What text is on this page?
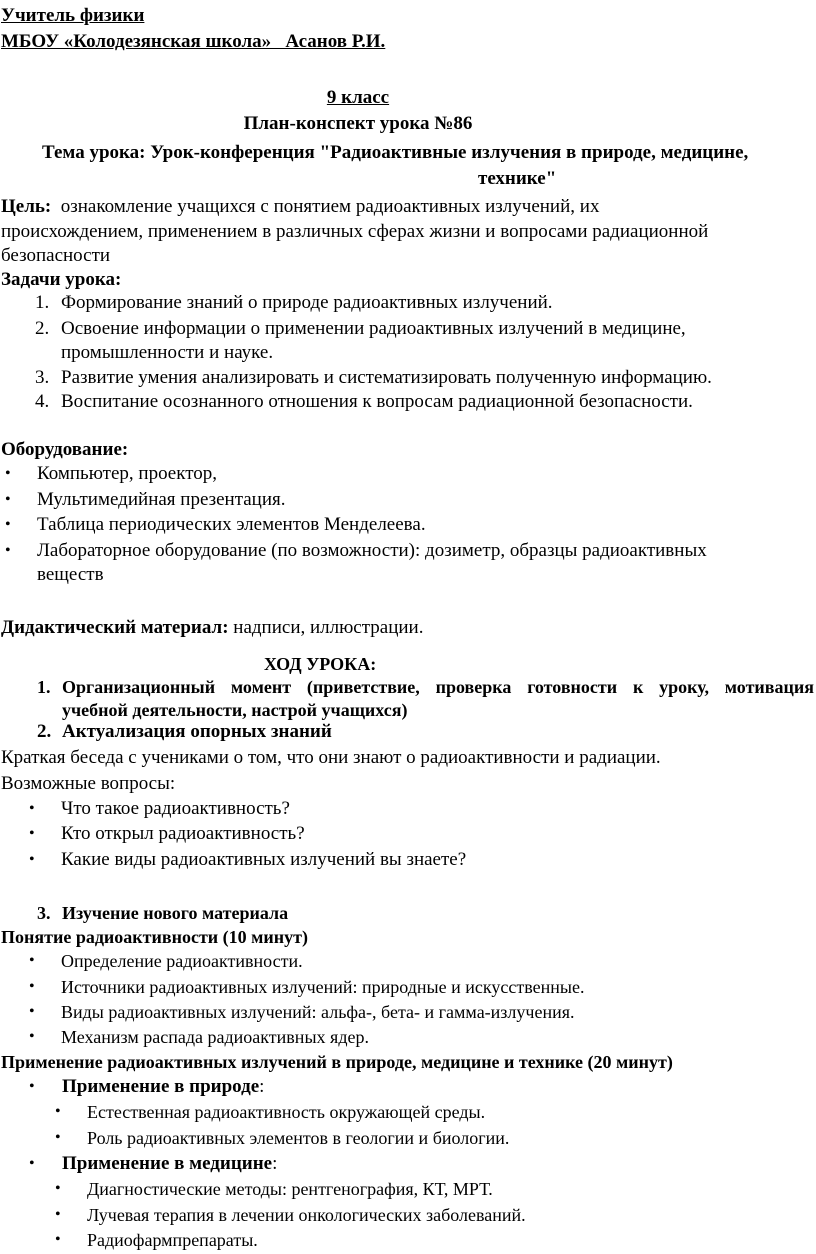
Учитель физики
МБОУ «Колодезянская школа»   Асанов Р.И.
9 класс
План-конспект урока №86
Тема урока: Урок-конференция "Радиоактивные излучения в природе, медицине,
технике"
Цель: ознакомление учащихся с понятием радиоактивных излучений, их
происхождением, применением в различных сферах жизни и вопросами радиационной
безопасности
Задачи урока:
1. Формирование знаний о природе радиоактивных излучений.
2. Освоение информации о применении радиоактивных излучений в медицине,
промышленности и науке.
3. Развитие умения анализировать и систематизировать полученную информацию.
4. Воспитание осознанного отношения к вопросам радиационной безопасности.
Оборудование:
• Компьютер, проектор,
• Мультимедийная презентация.
• Таблица периодических элементов Менделеева.
• Лабораторное оборудование (по возможности): дозиметр, образцы радиоактивных
веществ
Дидактический материал: надписи, иллюстрации.
ХОД УРОКА:
1. Организационный момент (приветствие, проверка готовности к уроку, мотивация
учебной деятельности, настрой учащихся)
2. Актуализация опорных знаний
Краткая беседа с учениками о том, что они знают о радиоактивности и радиации.
Возможные вопросы:
• Что такое радиоактивность?
• Кто открыл радиоактивность?
• Какие виды радиоактивных излучений вы знаете?
3. Изучение нового материала
Понятие радиоактивности (10 минут)
• Определение радиоактивности.
• Источники радиоактивных излучений: природные и искусственные.
• Виды радиоактивных излучений: альфа-, бета- и гамма-излучения.
• Механизм распада радиоактивных ядер.
Применение радиоактивных излучений в природе, медицине и технике (20 минут)
• Применение в природе:
• Естественная радиоактивность окружающей среды.
• Роль радиоактивных элементов в геологии и биологии.
• Применение в медицине:
• Диагностические методы: рентгенография, КТ, МРТ.
• Лучевая терапия в лечении онкологических заболеваний.
• Радиофармпрепараты.
